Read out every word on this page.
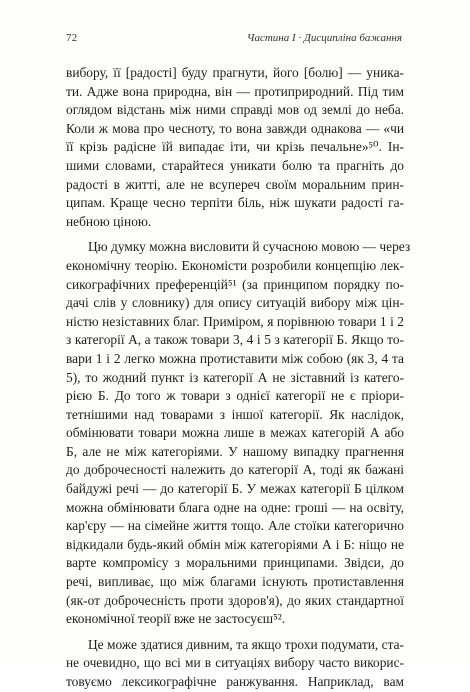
72	Частина І · Дисципліна бажання
вибору, її [радості] буду прагнути, його [болю] — уника-
ти. Адже вона природна, він — протиприродний. Під тим
оглядом відстань між ними справді мов од землі до неба.
Коли ж мова про чесноту, то вона завжди однакова — «чи
її крізь радісне їй випадає іти, чи крізь печальне»⁵⁰. Ін-
шими словами, старайтеся уникати болю та прагніть до
радості в житті, але не всупереч своїм моральним прин-
ципам. Краще чесно терпіти біль, ніж шукати радості га-
небною ціною.
Цю думку можна висловити й сучасною мовою — через
економічну теорію. Економісти розробили концепцію лек-
сикографічних преференцій⁵¹ (за принципом порядку по-
дачі слів у словнику) для опису ситуацій вибору між цін-
ністю незіставних благ. Приміром, я порівнюю товари 1 і 2
з категорії А, а також товари 3, 4 і 5 з категорії Б. Якщо то-
вари 1 і 2 легко можна протиставити між собою (як 3, 4 та
5), то жодний пункт із категорії А не зіставний із катего-
рією Б. До того ж товари з однієї категорії не є пріори-
тетнішими над товарами з іншої категорії. Як наслідок,
обмінювати товари можна лише в межах категорій А або
Б, але не між категоріями. У нашому випадку прагнення
до доброчесності належить до категорії А, тоді як бажані
байдужі речі — до категорії Б. У межах категорії Б цілком
можна обмінювати блага одне на одне: гроші — на освіту,
кар'єру — на сімейне життя тощо. Але стоїки категорично
відкидали будь-який обмін між категоріями А і Б: ніщо не
варте компромісу з моральними принципами. Звідси, до
речі, випливає, що між благами існують протиставлення
(як-от доброчесність проти здоров'я), до яких стандартної
економічної теорії вже не застосуєш⁵².
Це може здатися дивним, та якщо трохи подумати, ста-
не очевидно, що всі ми в ситуаціях вибору часто викорис-
товуємо лексикографічне ранжування. Наприклад, вам
